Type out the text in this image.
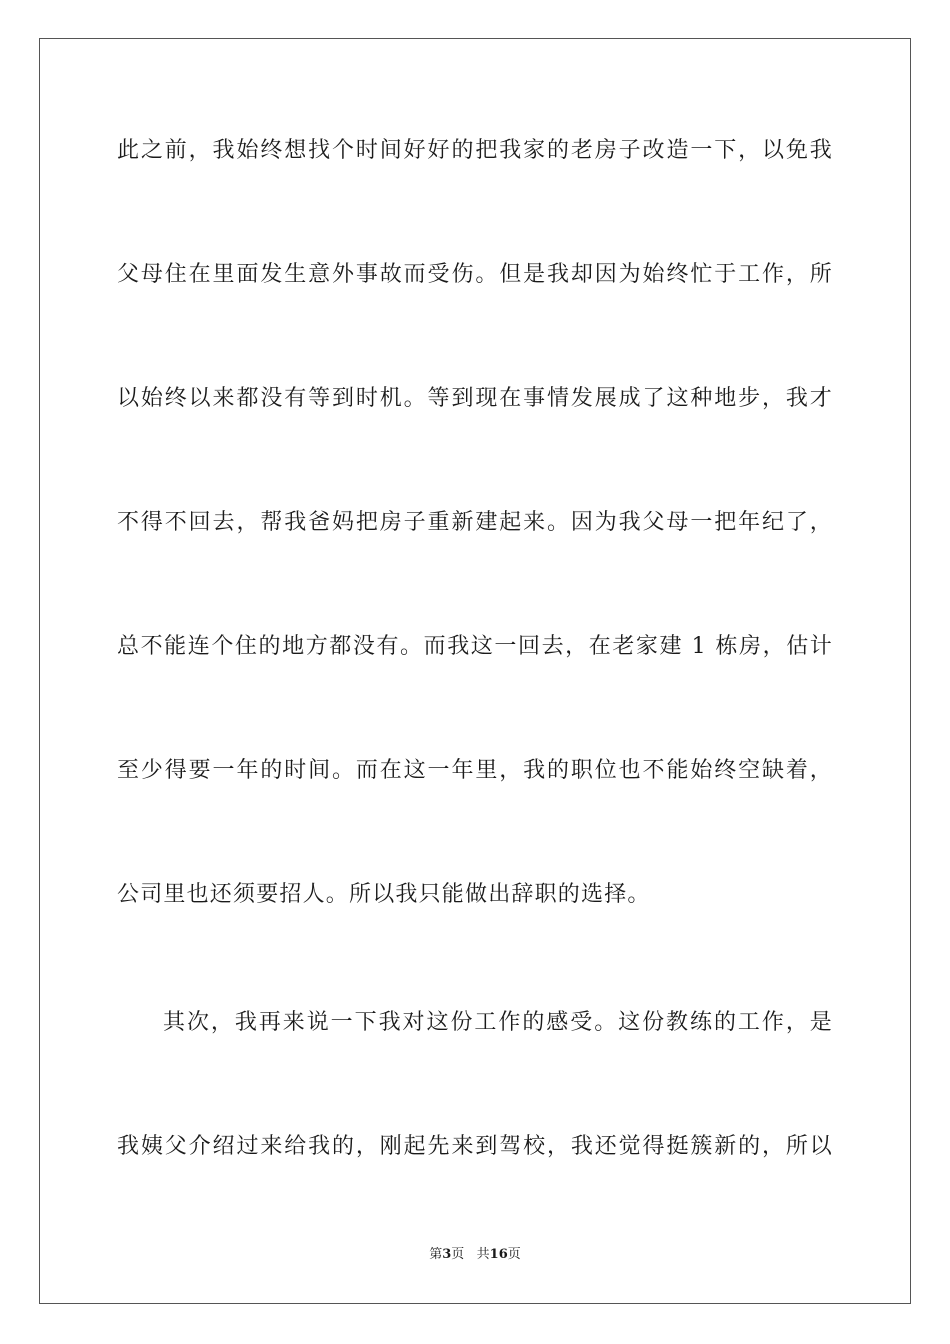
此之前，我始终想找个时间好好的把我家的老房子改造一下，以免我
父母住在里面发生意外事故而受伤。但是我却因为始终忙于工作，所
以始终以来都没有等到时机。等到现在事情发展成了这种地步，我才
不得不回去，帮我爸妈把房子重新建起来。因为我父母一把年纪了，
总不能连个住的地方都没有。而我这一回去，在老家建 1 栋房，估计
至少得要一年的时间。而在这一年里，我的职位也不能始终空缺着，
公司里也还须要招人。所以我只能做出辞职的选择。
其次，我再来说一下我对这份工作的感受。这份教练的工作，是
我姨父介绍过来给我的，刚起先来到驾校，我还觉得挺簇新的，所以
第3页   共16页
